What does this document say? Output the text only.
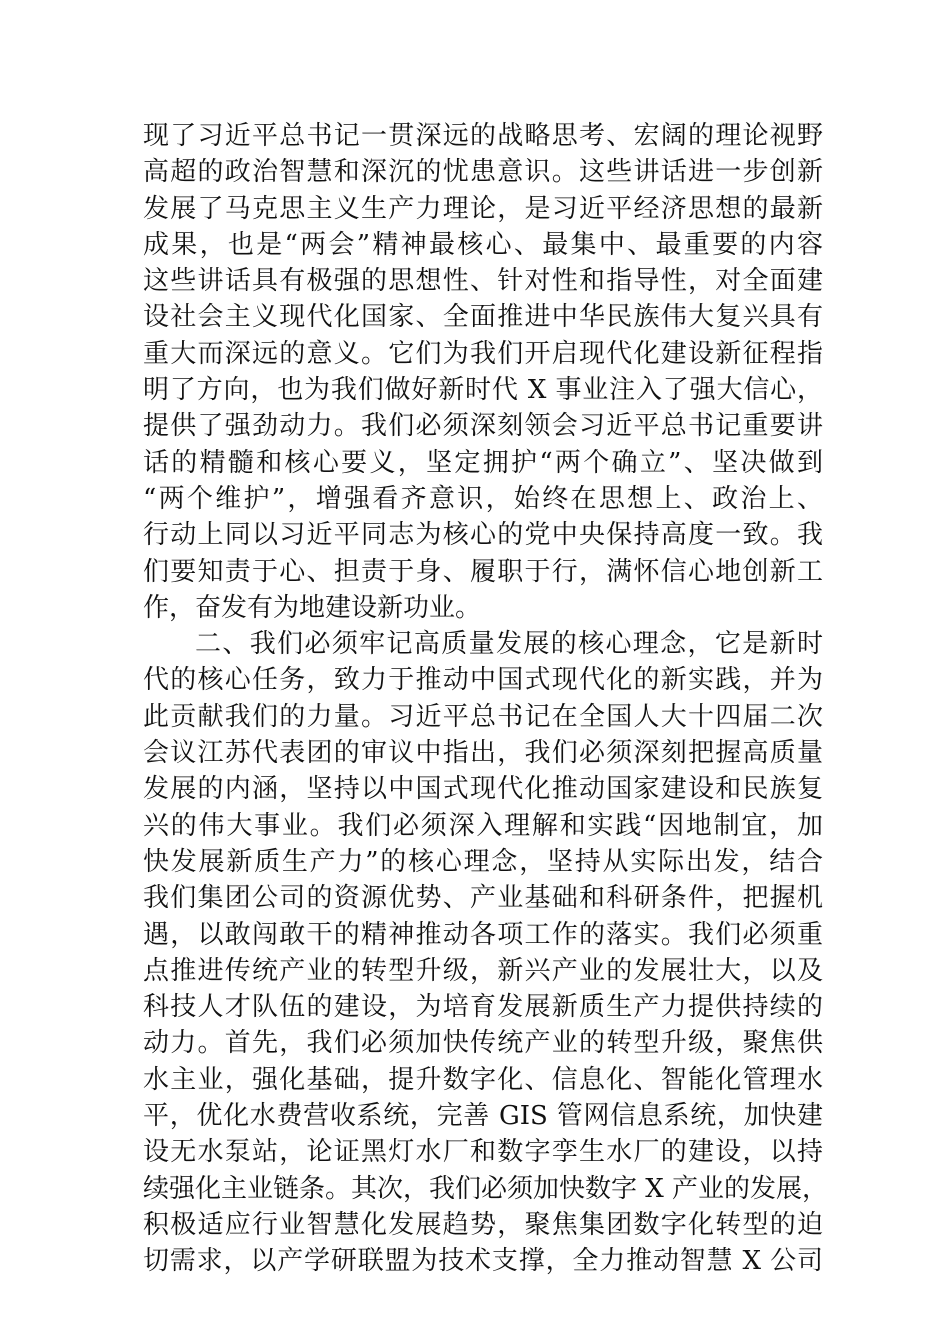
现了习近平总书记一贯深远的战略思考、宏阔的理论视野
高超的政治智慧和深沉的忧患意识。这些讲话进一步创新
发展了马克思主义生产力理论，是习近平经济思想的最新
成果，也是“两会”精神最核心、最集中、最重要的内容
这些讲话具有极强的思想性、针对性和指导性，对全面建
设社会主义现代化国家、全面推进中华民族伟大复兴具有
重大而深远的意义。它们为我们开启现代化建设新征程指
明了方向，也为我们做好新时代 X 事业注入了强大信心，
提供了强劲动力。我们必须深刻领会习近平总书记重要讲
话的精髓和核心要义，坚定拥护“两个确立”、坚决做到
“两个维护”，增强看齐意识，始终在思想上、政治上、
行动上同以习近平同志为核心的党中央保持高度一致。我
们要知责于心、担责于身、履职于行，满怀信心地创新工
作，奋发有为地建设新功业。
二、我们必须牢记高质量发展的核心理念，它是新时
代的核心任务，致力于推动中国式现代化的新实践，并为
此贡献我们的力量。习近平总书记在全国人大十四届二次
会议江苏代表团的审议中指出，我们必须深刻把握高质量
发展的内涵，坚持以中国式现代化推动国家建设和民族复
兴的伟大事业。我们必须深入理解和实践“因地制宜，加
快发展新质生产力”的核心理念，坚持从实际出发，结合
我们集团公司的资源优势、产业基础和科研条件，把握机
遇，以敢闯敢干的精神推动各项工作的落实。我们必须重
点推进传统产业的转型升级，新兴产业的发展壮大，以及
科技人才队伍的建设，为培育发展新质生产力提供持续的
动力。首先，我们必须加快传统产业的转型升级，聚焦供
水主业，强化基础，提升数字化、信息化、智能化管理水
平，优化水费营收系统，完善 GIS 管网信息系统，加快建
设无水泵站，论证黑灯水厂和数字孪生水厂的建设，以持
续强化主业链条。其次，我们必须加快数字 X 产业的发展，
积极适应行业智慧化发展趋势，聚焦集团数字化转型的迫
切需求，以产学研联盟为技术支撑，全力推动智慧 X 公司
